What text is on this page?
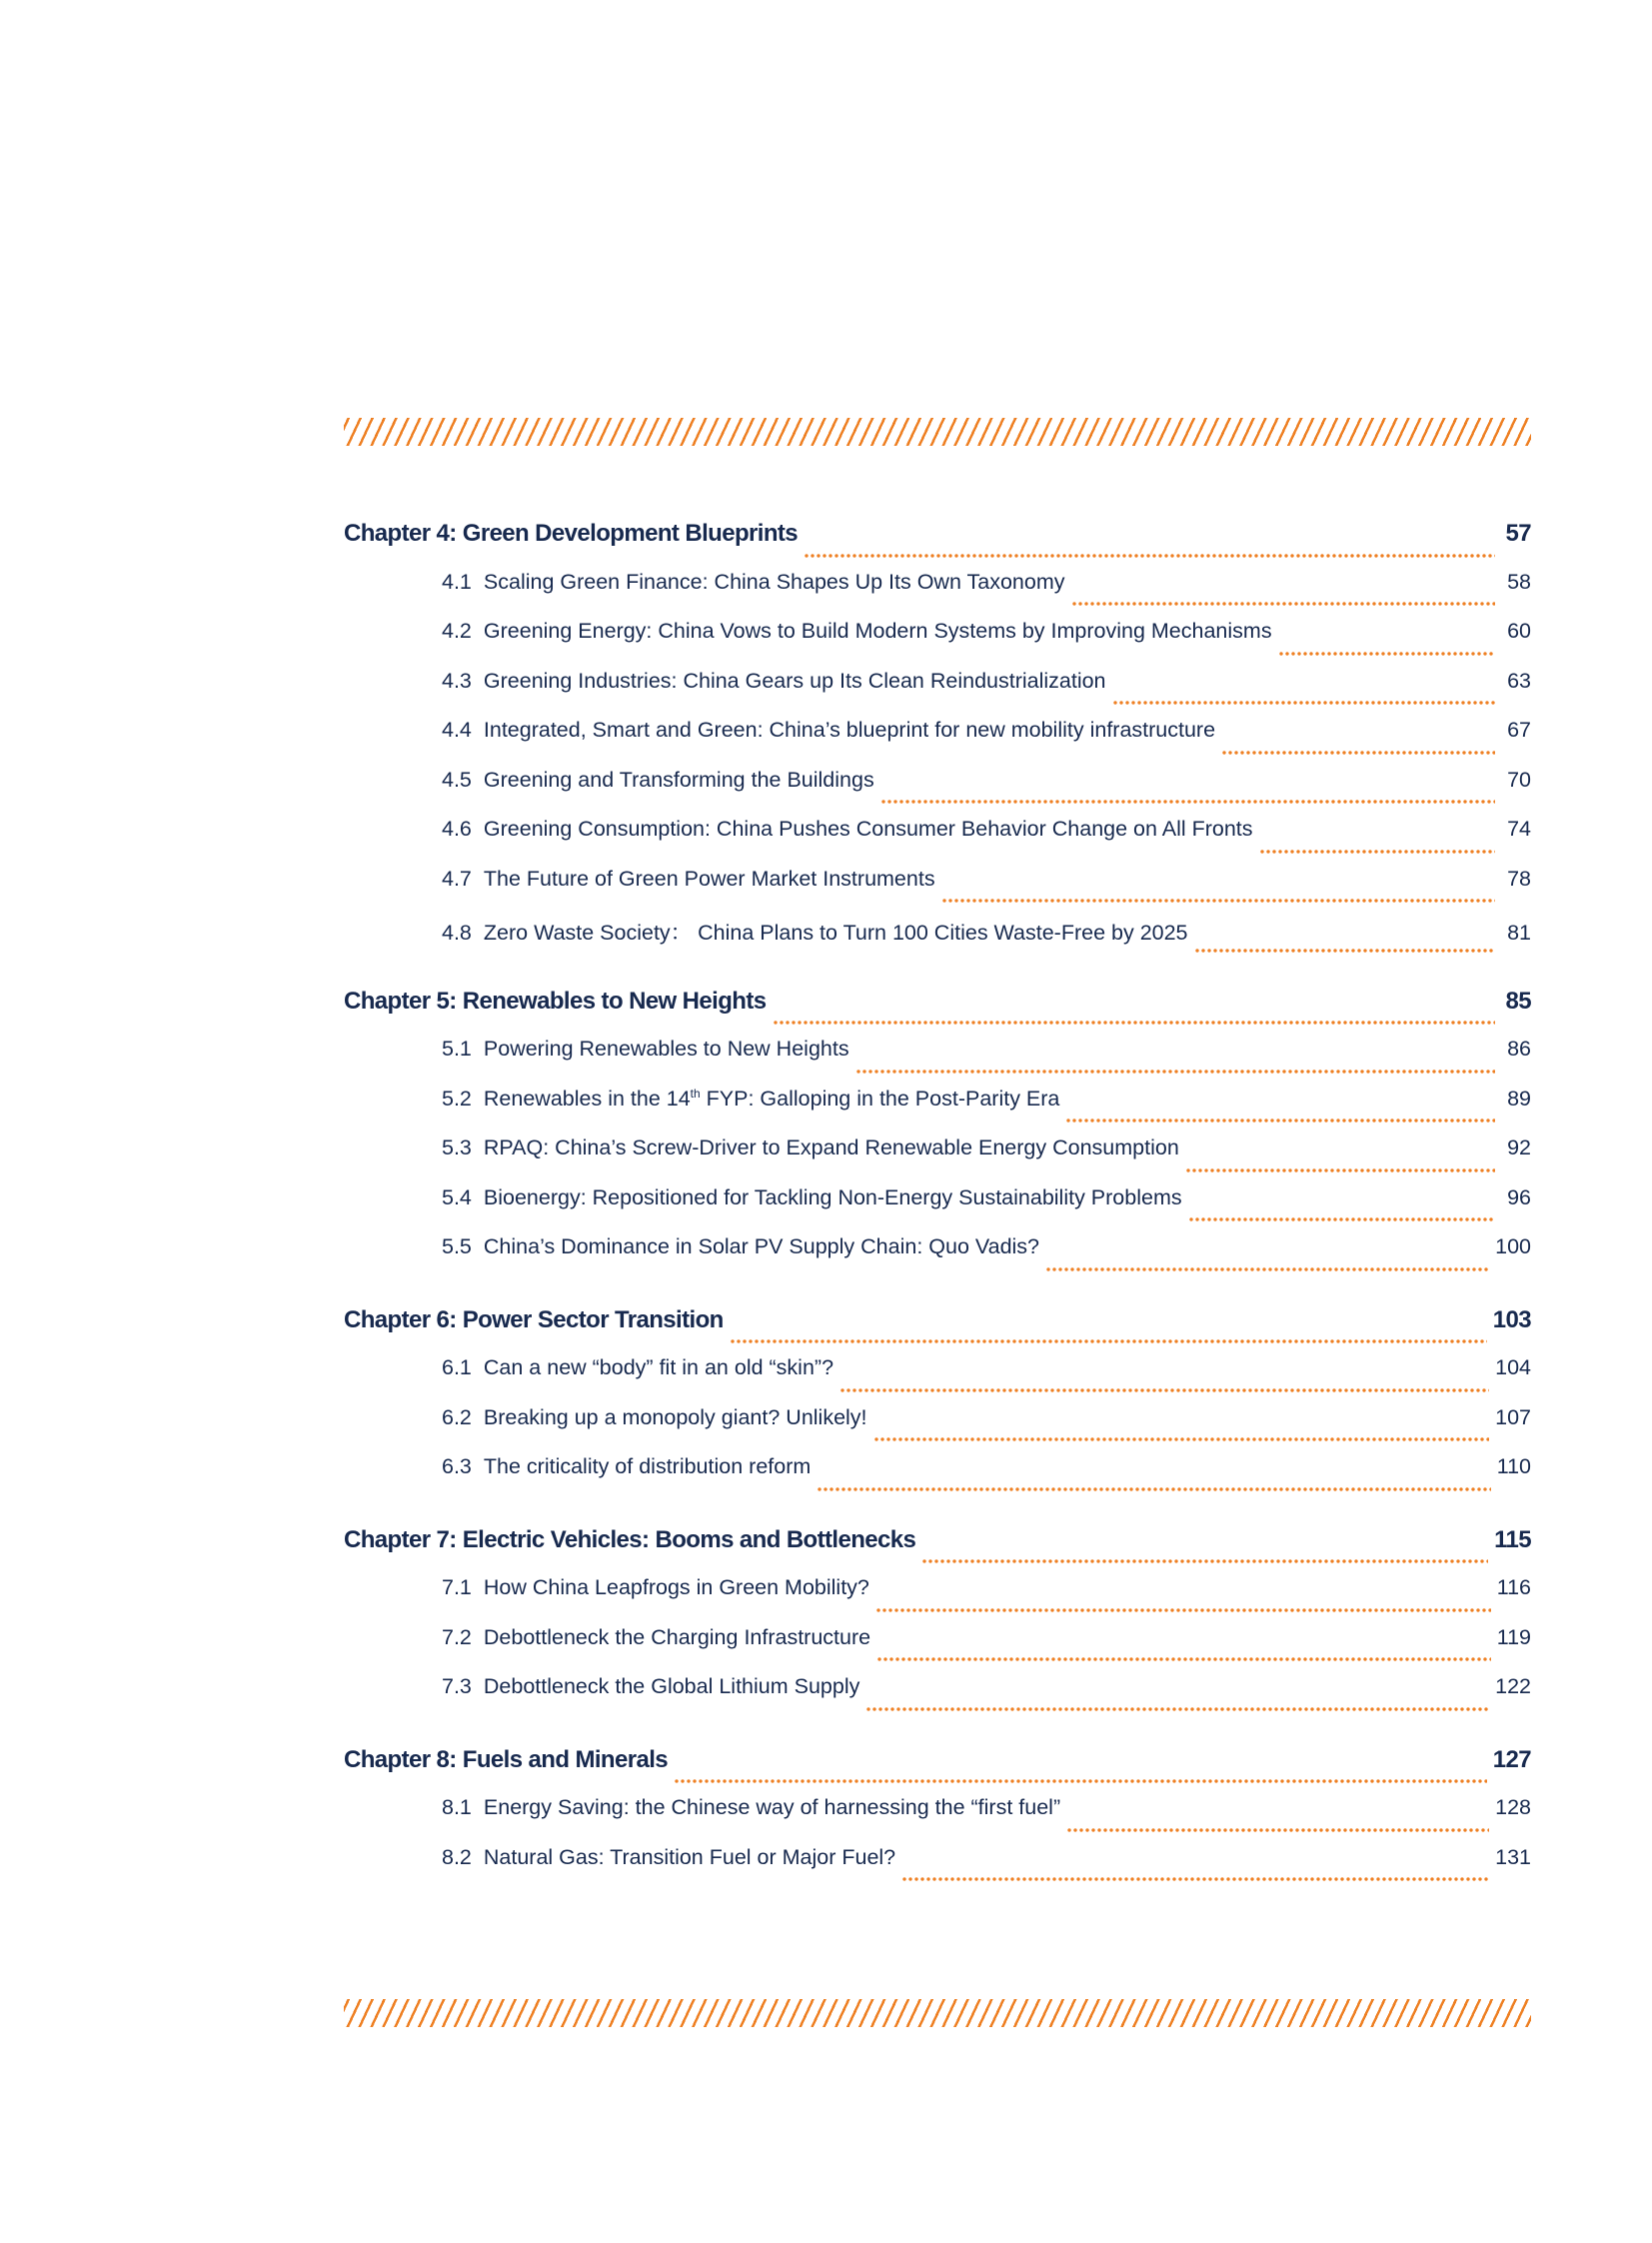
Chapter 4: Green Development Blueprints	57
4.1 Scaling Green Finance: China Shapes Up Its Own Taxonomy	58
4.2 Greening Energy: China Vows to Build Modern Systems by Improving Mechanisms	60
4.3 Greening Industries: China Gears up Its Clean Reindustrialization	63
4.4 Integrated, Smart and Green: China’s blueprint for new mobility infrastructure	67
4.5 Greening and Transforming the Buildings	70
4.6 Greening Consumption: China Pushes Consumer Behavior Change on All Fronts	74
4.7 The Future of Green Power Market Instruments	78
4.8 Zero Waste Society： China Plans to Turn 100 Cities Waste-Free by 2025	81
Chapter 5: Renewables to New Heights	85
5.1 Powering Renewables to New Heights	86
5.2 Renewables in the 14th FYP: Galloping in the Post-Parity Era	89
5.3 RPAQ: China’s Screw-Driver to Expand Renewable Energy Consumption	92
5.4 Bioenergy: Repositioned for Tackling Non-Energy Sustainability Problems	96
5.5 China’s Dominance in Solar PV Supply Chain: Quo Vadis?	100
Chapter 6: Power Sector Transition	103
6.1 Can a new “body” fit in an old “skin”?	104
6.2 Breaking up a monopoly giant? Unlikely!	107
6.3 The criticality of distribution reform	110
Chapter 7: Electric Vehicles: Booms and Bottlenecks	115
7.1 How China Leapfrogs in Green Mobility?	116
7.2 Debottleneck the Charging Infrastructure	119
7.3 Debottleneck the Global Lithium Supply	122
Chapter 8: Fuels and Minerals	127
8.1 Energy Saving: the Chinese way of harnessing the “first fuel”	128
8.2 Natural Gas: Transition Fuel or Major Fuel?	131
